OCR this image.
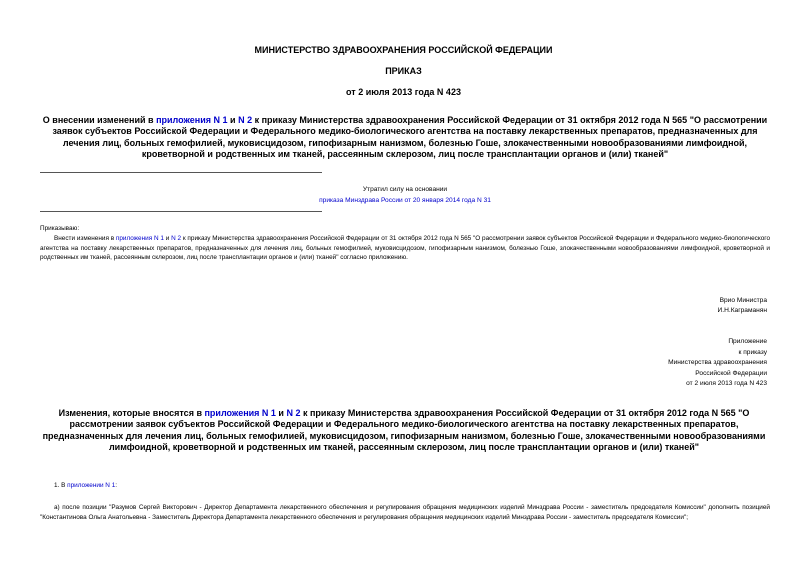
МИНИСТЕРСТВО ЗДРАВООХРАНЕНИЯ РОССИЙСКОЙ ФЕДЕРАЦИИ
ПРИКАЗ
от 2 июля 2013 года N 423
О внесении изменений в приложения N 1 и N 2 к приказу Министерства здравоохранения Российской Федерации от 31 октября 2012 года N 565 "О рассмотрении заявок субъектов Российской Федерации и Федерального медико-биологического агентства на поставку лекарственных препаратов, предназначенных для лечения лиц, больных гемофилией, муковисцидозом, гипофизарным нанизмом, болезнью Гоше, злокачественными новообразованиями лимфоидной, кроветворной и родственных им тканей, рассеянным склерозом, лиц после трансплантации органов и (или) тканей"
Утратил силу на основании
приказа Минздрава России от 20 января 2014 года N 31
Приказываю:
Внести изменения в приложения N 1 и N 2 к приказу Министерства здравоохранения Российской Федерации от 31 октября 2012 года N 565 "О рассмотрении заявок субъектов Российской Федерации и Федерального медико-биологического агентства на поставку лекарственных препаратов, предназначенных для лечения лиц, больных гемофилией, муковисцидозом, гипофизарным нанизмом, болезнью Гоше, злокачественными новообразованиями лимфоидной, кроветворной и родственных им тканей, рассеянным склерозом, лиц после трансплантации органов и (или) тканей" согласно приложению.
Врио Министра
И.Н.Каграманян
Приложение
к приказу
Министерства здравоохранения
Российской Федерации
от 2 июля 2013 года N 423
Изменения, которые вносятся в приложения N 1 и N 2 к приказу Министерства здравоохранения Российской Федерации от 31 октября 2012 года N 565 "О рассмотрении заявок субъектов Российской Федерации и Федерального медико-биологического агентства на поставку лекарственных препаратов, предназначенных для лечения лиц, больных гемофилией, муковисцидозом, гипофизарным нанизмом, болезнью Гоше, злокачественными новообразованиями лимфоидной, кроветворной и родственных им тканей, рассеянным склерозом, лиц после трансплантации органов и (или) тканей"
1. В приложении N 1:
а) после позиции "Разумов Сергей Викторович - Директор Департамента лекарственного обеспечения и регулирования обращения медицинских изделий Минздрава России - заместитель председателя Комиссии" дополнить позицией "Константинова Ольга Анатольевна - Заместитель Директора Департамента лекарственного обеспечения и регулирования обращения медицинских изделий Минздрава России - заместитель председателя Комиссии";
